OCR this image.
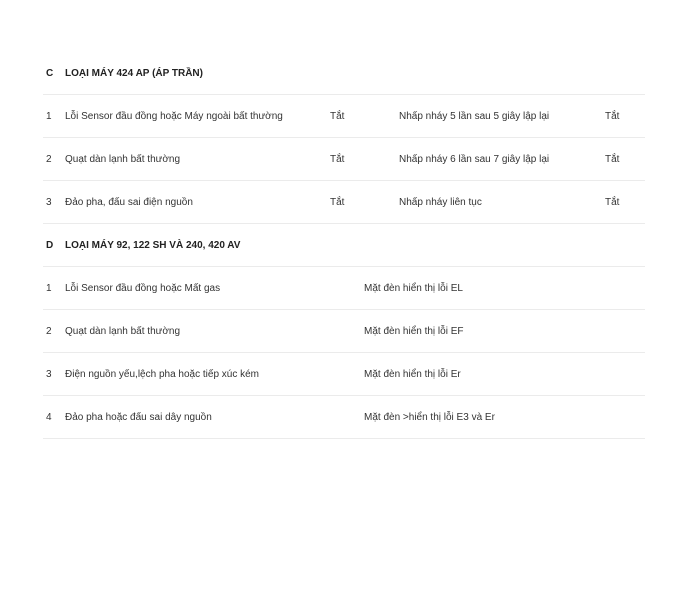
C LOẠI MÁY 424 AP (ÁP TRẦN)
1 Lỗi Sensor đầu đồng hoặc Máy ngoài bất thường	Tắt	Nhấp nháy 5 lần sau 5 giây lập lại	Tắt
2 Quạt dàn lạnh bất thường	Tắt	Nhấp nháy 6 lần sau 7 giây lập lại	Tắt
3 Đảo pha, đấu sai điện nguồn	Tắt	Nhấp nháy liên tục	Tắt
D LOẠI MÁY 92, 122 SH VÀ 240, 420 AV
1 Lỗi Sensor đầu đồng hoặc Mất gas	Mặt đèn hiển thị lỗi EL
2 Quạt dàn lạnh bất thường	Mặt đèn hiển thị lỗi EF
3 Điện nguồn yếu,lệch pha hoặc tiếp xúc kém	Mặt đèn hiển thị lỗi Er
4 Đảo pha hoặc đấu sai dây nguồn	Mặt đèn >hiển thị lỗi E3 và Er
